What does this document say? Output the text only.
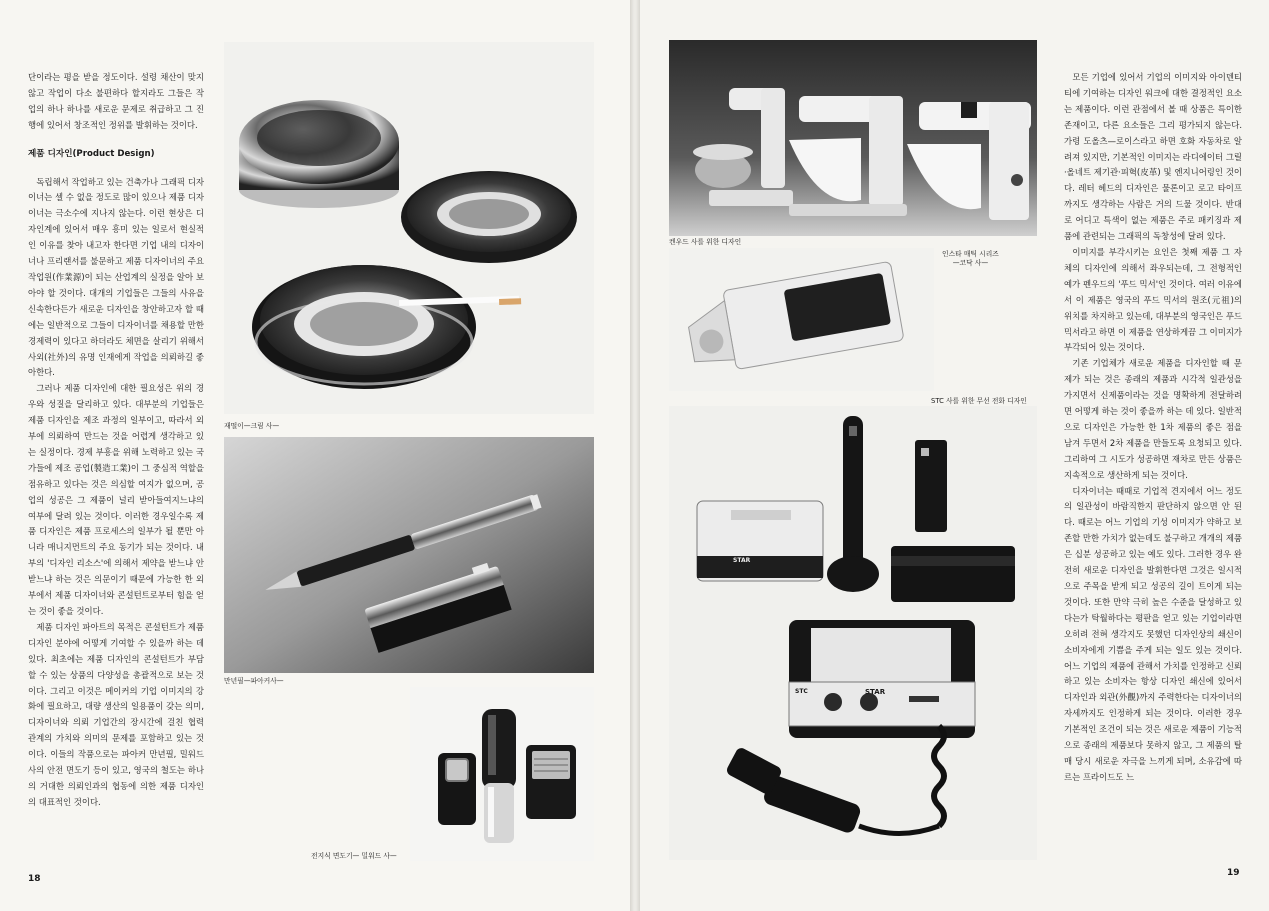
단이라는 평을 받을 정도이다. 설령 채산이 맞지 않고 작업이 다소 불편하다 할지라도 그들은 작업의 하나 하나를 새로운 문제로 취급하고 그 진행에 있어서 창조적인 정위를 발휘하는 것이다.

제품 디자인(Product Design)

독립해서 작업하고 있는 건축가나 그래픽 디자이너는 셀 수 없을 정도로 많이 있으나 제품 디자이너는 극소수에 지나지 않는다. 이런 현상은 디자인계에 있어서 매우 흥미 있는 일로서 현실적인 이유를 찾아 내고자 한다면 기업 내의 디자이너나 프리랜서를 불문하고 제품 디자이너의 주요 작업원(作業源)이 되는 산업계의 실정을 알아 보아야 할 것이다. 대개의 기업들은 그들의 사유을 신속한다든가 새로운 디자인을 창안하고자 할 때에는 일반적으로 그들이 디자이너를 채용할 만한 경제력이 있다고 하더라도 체면을 살리기 위해서 사외(社外)의 유명 인재에게 작업을 의뢰하길 좋아한다.

그러나 제품 디자인에 대한 필요성은 위의 경우와 성질을 달리하고 있다. 대부분의 기업들은 제품 디자인을 제조 과정의 일부이고, 따라서 외부에 의뢰하여 만드는 것을 어렵게 생각하고 있는 실정이다. 경제 부흥을 위해 노력하고 있는 국가들에 제조 공업(製造工業)이 그 중심적 역할을 점유하고 있다는 것은 의심할 여지가 없으며, 공업의 성공은 그 제품이 널리 받아들여지느냐의 여부에 달려 있는 것이다. 이러한 경우일수록 제품 디자인은 제품 프로세스의 일부가 될 뿐만 아니라 매니지먼트의 주요 동기가 되는 것이다. 내부의 '디자인 리소스'에 의해서 제약을 받느냐 안 받느냐 하는 것은 의문이기 때문에 가능한 한 외부에서 제품 디자이너와 콘설턴트로부터 힘을 얻는 것이 좋을 것이다.

제품 디자인 파아트의 목적은 콘설턴트가 제품 디자인 분야에 어떻게 기여할 수 있을까 하는 데 있다. 최초에는 제품 디자인의 콘설턴트가 부담할 수 있는 상품의 다양성을 총괄적으로 보는 것이다. 그리고 이것은 메이커의 기업 이미지의 강화에 필요하고, 대량 생산의 일용품이 갖는 의미, 디자이너와 의뢰 기업간의 장시간에 걸친 협력 관계의 가치와 의미의 문제를 포함하고 있는 것이다. 이들의 작품으로는 파아커 만년필, 밀워드 사의 안전 면도기 등이 있고, 영국의 철도는 하나의 거대한 의뢰인과의 협동에 의한 제품 디자인의 대표적인 것이다.

재떨이—크림 사—
만년필—파아커사—
전지식 면도기— 밀워드 사—
18
켄우드 사를 위한 디자인
인스타 매틱 시리즈
—코닥 사—
STC 사를 위한 무선 전화 디자인
STAR
STC
STAR

모든 기업에 있어서 기업의 이미지와 아이덴티티에 기여하는 디자인 워크에 대한 결정적인 요소는 제품이다. 이런 관점에서 볼 때 상품은 특이한 존재이고, 다른 요소들은 그리 평가되지 않는다. 가령 도올츠—로이스라고 하면 호화 자동차로 알려져 있지만, 기본적인 이미지는 라디에이터 그릴·올네트 제기관·피혁(皮革) 및 엔지니어링인 것이다. 레터 헤드의 디자인은 물론이고 로고 타이프까지도 생각하는 사람은 거의 드물 것이다. 반대로 어디고 특색이 없는 제품은 주로 패키징과 제품에 관련되는 그래픽의 독창성에 달려 있다.

이미지를 부각시키는 요인은 첫째 제품 그 자체의 디자인에 의해서 좌우되는데, 그 전형적인 예가 펜우드의 '푸드 믹서'인 것이다. 여러 이유에서 이 제품은 영국의 푸드 믹서의 원조(元祖)의 위치를 차지하고 있는데, 대부분의 영국인은 푸드 믹서라고 하면 이 제품을 연상하게끔 그 이미지가 부각되어 있는 것이다.

기존 기업체가 새로운 제품을 디자인할 때 문제가 되는 것은 종래의 제품과 시각적 일관성을 가지면서 신제품이라는 것을 명확하게 전달하려면 어떻게 하는 것이 좋을까 하는 데 있다. 일반적으로 디자인은 가능한 한 1차 제품의 좋은 점을 남겨 두면서 2차 제품을 만들도록 요청되고 있다. 그리하여 그 시도가 성공하면 재차로 만든 상품은 지속적으로 생산하게 되는 것이다.

디자이너는 때때로 기업적 견지에서 어느 정도의 일관성이 바람직한지 판단하지 않으면 안 된다. 때로는 어느 기업의 기성 이미지가 약하고 보존할 만한 가치가 없는데도 불구하고 개개의 제품은 십분 성공하고 있는 예도 있다. 그러한 경우 완전히 새로운 디자인을 발휘한다면 그것은 일시적으로 주목을 받게 되고 성공의 길이 트이게 되는 것이다. 또한 만약 극히 높은 수준을 달성하고 있다는가 탁월하다는 평판을 얻고 있는 기업이라면 오히려 전혀 생각지도 못했던 디자인상의 쇄신이 소비자에게 기쁨을 주게 되는 일도 있는 것이다. 어느 기업의 제품에 관해서 가치를 인정하고 신뢰하고 있는 소비자는 항상 디자인 쇄신에 있어서 디자인과 외관(外觀)까지 주력한다는 디자이너의 자세까지도 인정하게 되는 것이다. 이러한 경우 기본적인 조건이 되는 것은 새로운 제품이 기능적으로 종래의 제품보다 못하지 않고, 그 제품의 탈매 당시 새로운 자극을 느끼게 되며, 소유감에 따르는 프라이드도 느

19
